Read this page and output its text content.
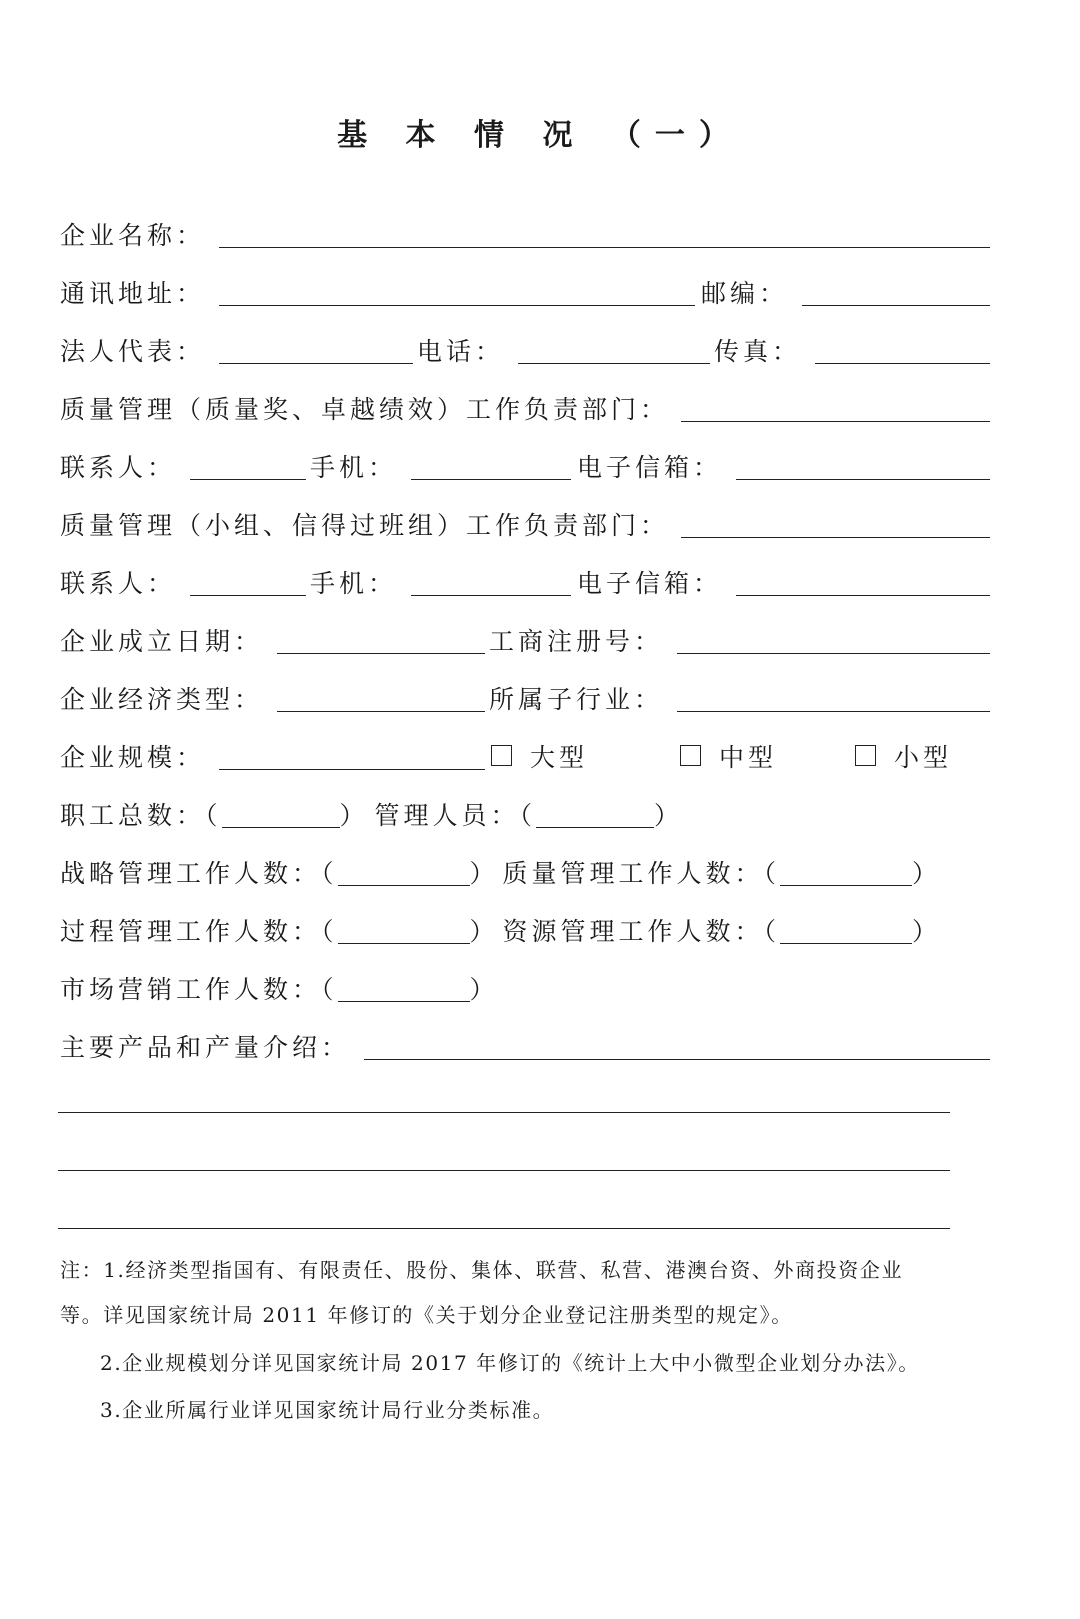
基 本 情 况 （一）
企业名称：
通讯地址：	邮编：
法人代表：	电话：	传真：
质量管理（质量奖、卓越绩效）工作负责部门：
联系人：	手机：	电子信箱：
质量管理（小组、信得过班组）工作负责部门：
联系人：	手机：	电子信箱：
企业成立日期：	工商注册号：
企业经济类型：	所属子行业：
企业规模：	大型	中型	小型
职工总数：（	） 管理人员：（	）
战略管理工作人数：（	） 质量管理工作人数：（	）
过程管理工作人数：（	） 资源管理工作人数：（	）
市场营销工作人数：（	）
主要产品和产量介绍：
注：1.经济类型指国有、有限责任、股份、集体、联营、私营、港澳台资、外商投资企业
等。详见国家统计局 2011 年修订的《关于划分企业登记注册类型的规定》。
2.企业规模划分详见国家统计局 2017 年修订的《统计上大中小微型企业划分办法》。
3.企业所属行业详见国家统计局行业分类标准。
